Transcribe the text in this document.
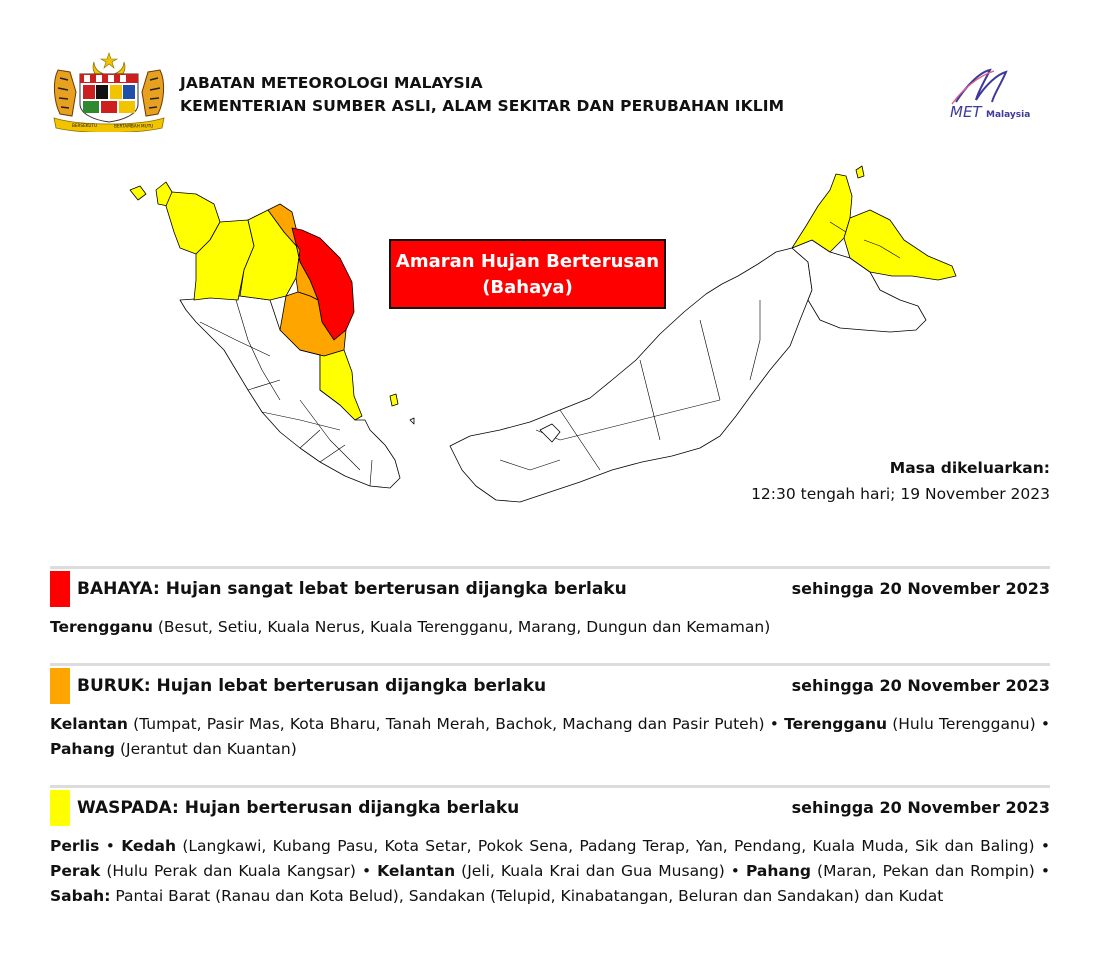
BERSEKUTU	BERTAMBAH MUTU
JABATAN METEOROLOGI MALAYSIA
KEMENTERIAN SUMBER ASLI, ALAM SEKITAR DAN PERUBAHAN IKLIM	MET Malaysia
Amaran Hujan Berterusan
(Bahaya)
Masa dikeluarkan:
12:30 tengah hari; 19 November 2023
BAHAYA: Hujan sangat lebat berterusan dijangka berlaku	sehingga 20 November 2023
Terengganu (Besut, Setiu, Kuala Nerus, Kuala Terengganu, Marang, Dungun dan Kemaman)
BURUK: Hujan lebat berterusan dijangka berlaku	sehingga 20 November 2023
Kelantan (Tumpat, Pasir Mas, Kota Bharu, Tanah Merah, Bachok, Machang dan Pasir Puteh) • Terengganu (Hulu Terengganu) • Pahang (Jerantut dan Kuantan)
WASPADA: Hujan berterusan dijangka berlaku	sehingga 20 November 2023
Perlis • Kedah (Langkawi, Kubang Pasu, Kota Setar, Pokok Sena, Padang Terap, Yan, Pendang, Kuala Muda, Sik dan Baling) • Perak (Hulu Perak dan Kuala Kangsar) • Kelantan (Jeli, Kuala Krai dan Gua Musang) • Pahang (Maran, Pekan dan Rompin) • Sabah: Pantai Barat (Ranau dan Kota Belud), Sandakan (Telupid, Kinabatangan, Beluran dan Sandakan) dan Kudat
